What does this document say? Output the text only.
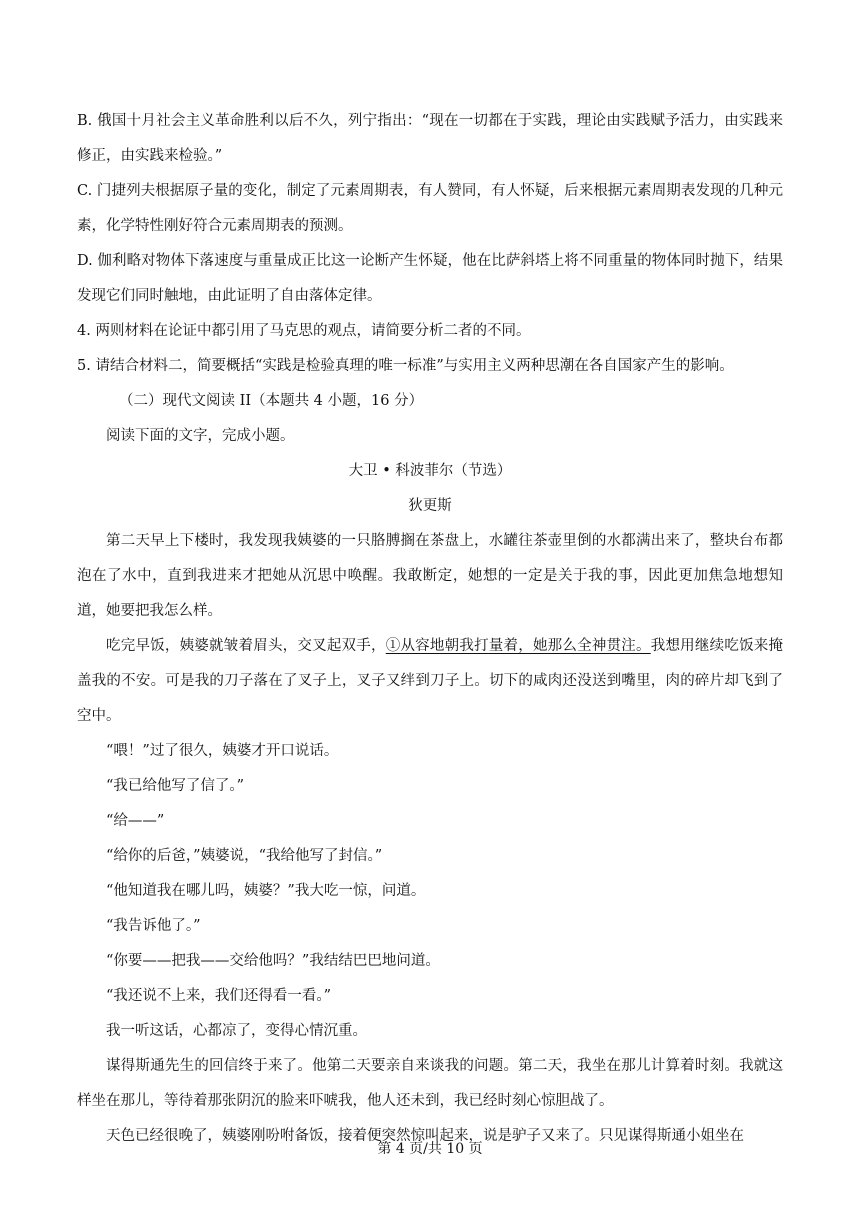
B. 俄国十月社会主义革命胜利以后不久，列宁指出：“现在一切都在于实践，理论由实践赋予活力，由实践来修正，由实践来检验。”

C. 门捷列夫根据原子量的变化，制定了元素周期表，有人赞同，有人怀疑，后来根据元素周期表发现的几种元素，化学特性刚好符合元素周期表的预测。

D. 伽利略对物体下落速度与重量成正比这一论断产生怀疑，他在比萨斜塔上将不同重量的物体同时抛下，结果发现它们同时触地，由此证明了自由落体定律。

4. 两则材料在论证中都引用了马克思的观点，请简要分析二者的不同。

5. 请结合材料二，简要概括“实践是检验真理的唯一标准”与实用主义两种思潮在各自国家产生的影响。

（二）现代文阅读 II（本题共 4 小题，16 分）

阅读下面的文字，完成小题。

大卫 • 科波菲尔（节选）

狄更斯

第二天早上下楼时，我发现我姨婆的一只胳膊搁在茶盘上，水罐往茶壶里倒的水都满出来了，整块台布都泡在了水中，直到我进来才把她从沉思中唤醒。我敢断定，她想的一定是关于我的事，因此更加焦急地想知道，她要把我怎么样。

吃完早饭，姨婆就皱着眉头，交叉起双手，①从容地朝我打量着，她那么全神贯注。我想用继续吃饭来掩盖我的不安。可是我的刀子落在了叉子上，叉子又绊到刀子上。切下的咸肉还没送到嘴里，肉的碎片却飞到了空中。

“喂！”过了很久，姨婆才开口说话。

“我已给他写了信了。”

“给——”

“给你的后爸，”姨婆说，“我给他写了封信。”

“他知道我在哪儿吗，姨婆？”我大吃一惊，问道。

“我告诉他了。”

“你要——把我——交给他吗？”我结结巴巴地问道。

“我还说不上来，我们还得看一看。”

我一听这话，心都凉了，变得心情沉重。

谋得斯通先生的回信终于来了。他第二天要亲自来谈我的问题。第二天，我坐在那儿计算着时刻。我就这样坐在那儿，等待着那张阴沉的脸来吓唬我，他人还未到，我已经时刻心惊胆战了。

天色已经很晚了，姨婆刚吩咐备饭，接着便突然惊叫起来，说是驴子又来了。只见谋得斯通小姐坐在

第 4 页/共 10 页
